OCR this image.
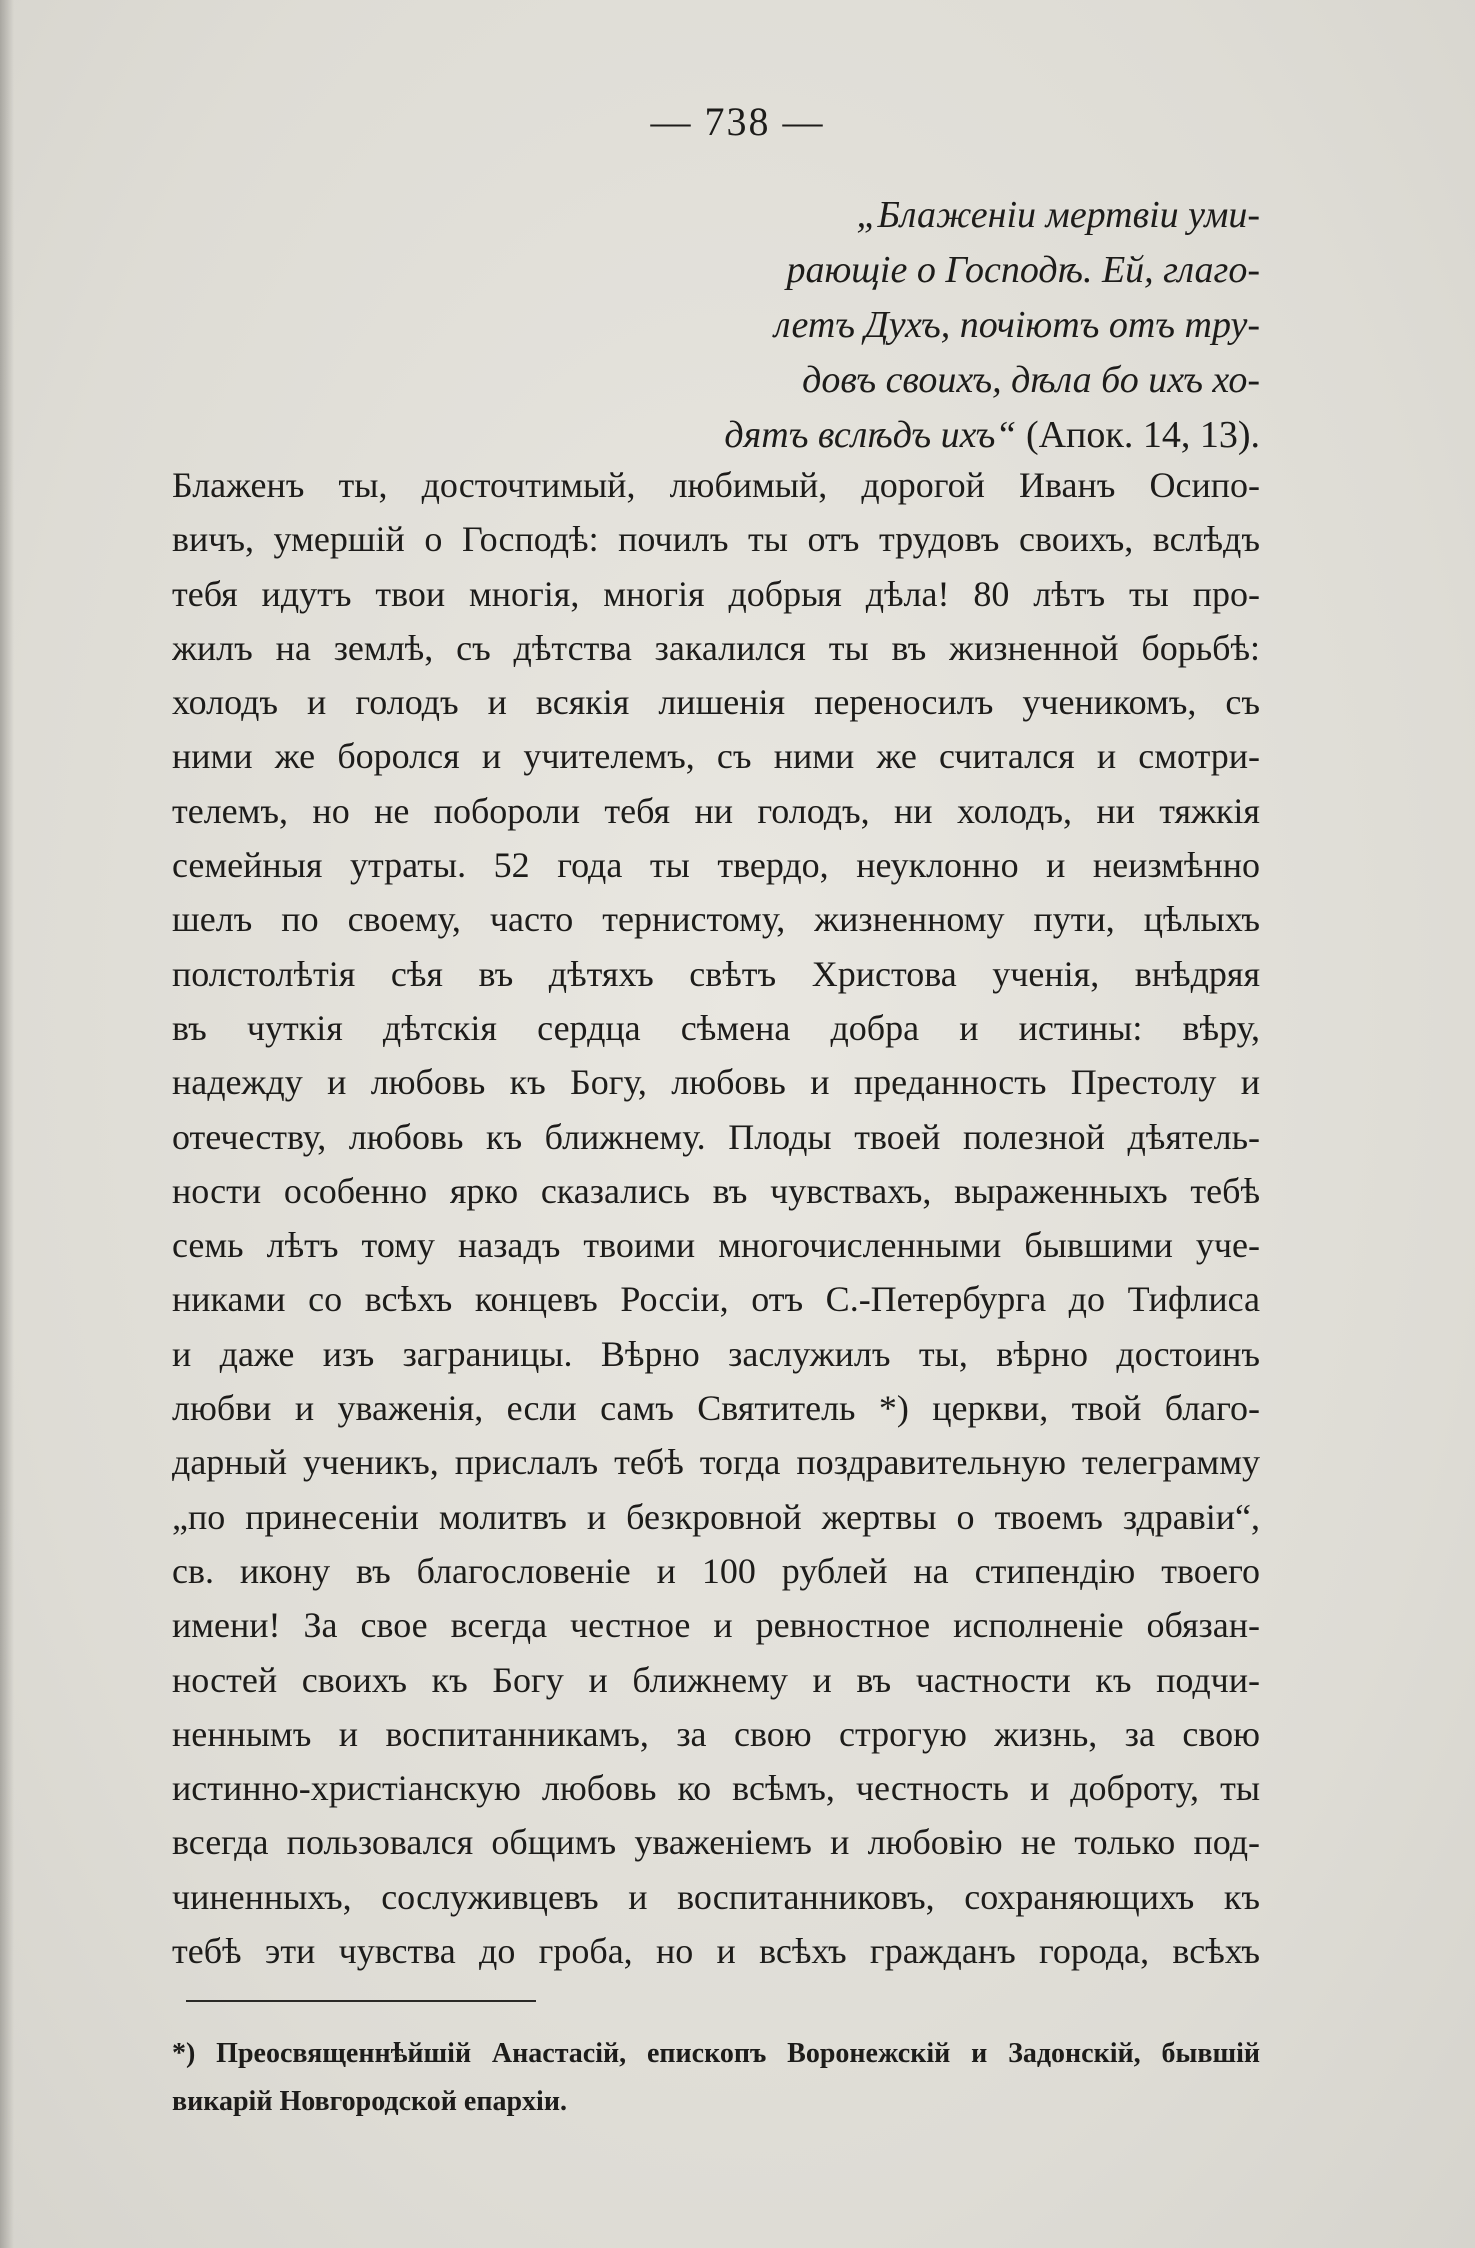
— 738 —
„Блаженіи мертвіи уми-
рающіе о Господѣ. Ей, глаго-
летъ Духъ, почіютъ отъ тру-
довъ своихъ, дѣла бо ихъ хо-
дятъ вслѣдъ ихъ“ (Апок. 14, 13).
Блаженъ ты, досточтимый, любимый, дорогой Иванъ Осипо-
вичъ, умершій о Господѣ: почилъ ты отъ трудовъ своихъ, вслѣдъ
тебя идутъ твои многія, многія добрыя дѣла! 80 лѣтъ ты про-
жилъ на землѣ, съ дѣтства закалился ты въ жизненной борьбѣ:
холодъ и голодъ и всякія лишенія переносилъ ученикомъ, съ
ними же боролся и учителемъ, съ ними же считался и смотри-
телемъ, но не побороли тебя ни голодъ, ни холодъ, ни тяжкія
семейныя утраты. 52 года ты твердо, неуклонно и неизмѣнно
шелъ по своему, часто тернистому, жизненному пути, цѣлыхъ
полстолѣтія сѣя въ дѣтяхъ свѣтъ Христова ученія, внѣдряя
въ чуткія дѣтскія сердца сѣмена добра и истины: вѣру,
надежду и любовь къ Богу, любовь и преданность Престолу и
отечеству, любовь къ ближнему. Плоды твоей полезной дѣятель-
ности особенно ярко сказались въ чувствахъ, выраженныхъ тебѣ
семь лѣтъ тому назадъ твоими многочисленными бывшими уче-
никами со всѣхъ концевъ Россіи, отъ С.-Петербурга до Тифлиса
и даже изъ заграницы. Вѣрно заслужилъ ты, вѣрно достоинъ
любви и уваженія, если самъ Святитель *) церкви, твой благо-
дарный ученикъ, прислалъ тебѣ тогда поздравительную телеграмму
„по принесеніи молитвъ и безкровной жертвы о твоемъ здравіи“,
св. икону въ благословеніе и 100 рублей на стипендію твоего
имени! За свое всегда честное и ревностное исполненіе обязан-
ностей своихъ къ Богу и ближнему и въ частности къ подчи-
неннымъ и воспитанникамъ, за свою строгую жизнь, за свою
истинно-христіанскую любовь ко всѣмъ, честность и доброту, ты
всегда пользовался общимъ уваженіемъ и любовію не только под-
чиненныхъ, сослуживцевъ и воспитанниковъ, сохраняющихъ къ
тебѣ эти чувства до гроба, но и всѣхъ гражданъ города, всѣхъ
*) Преосвященнѣйшій Анастасій, епископъ Воронежскій и Задонскій, бывшій
викарій Новгородской епархіи.
